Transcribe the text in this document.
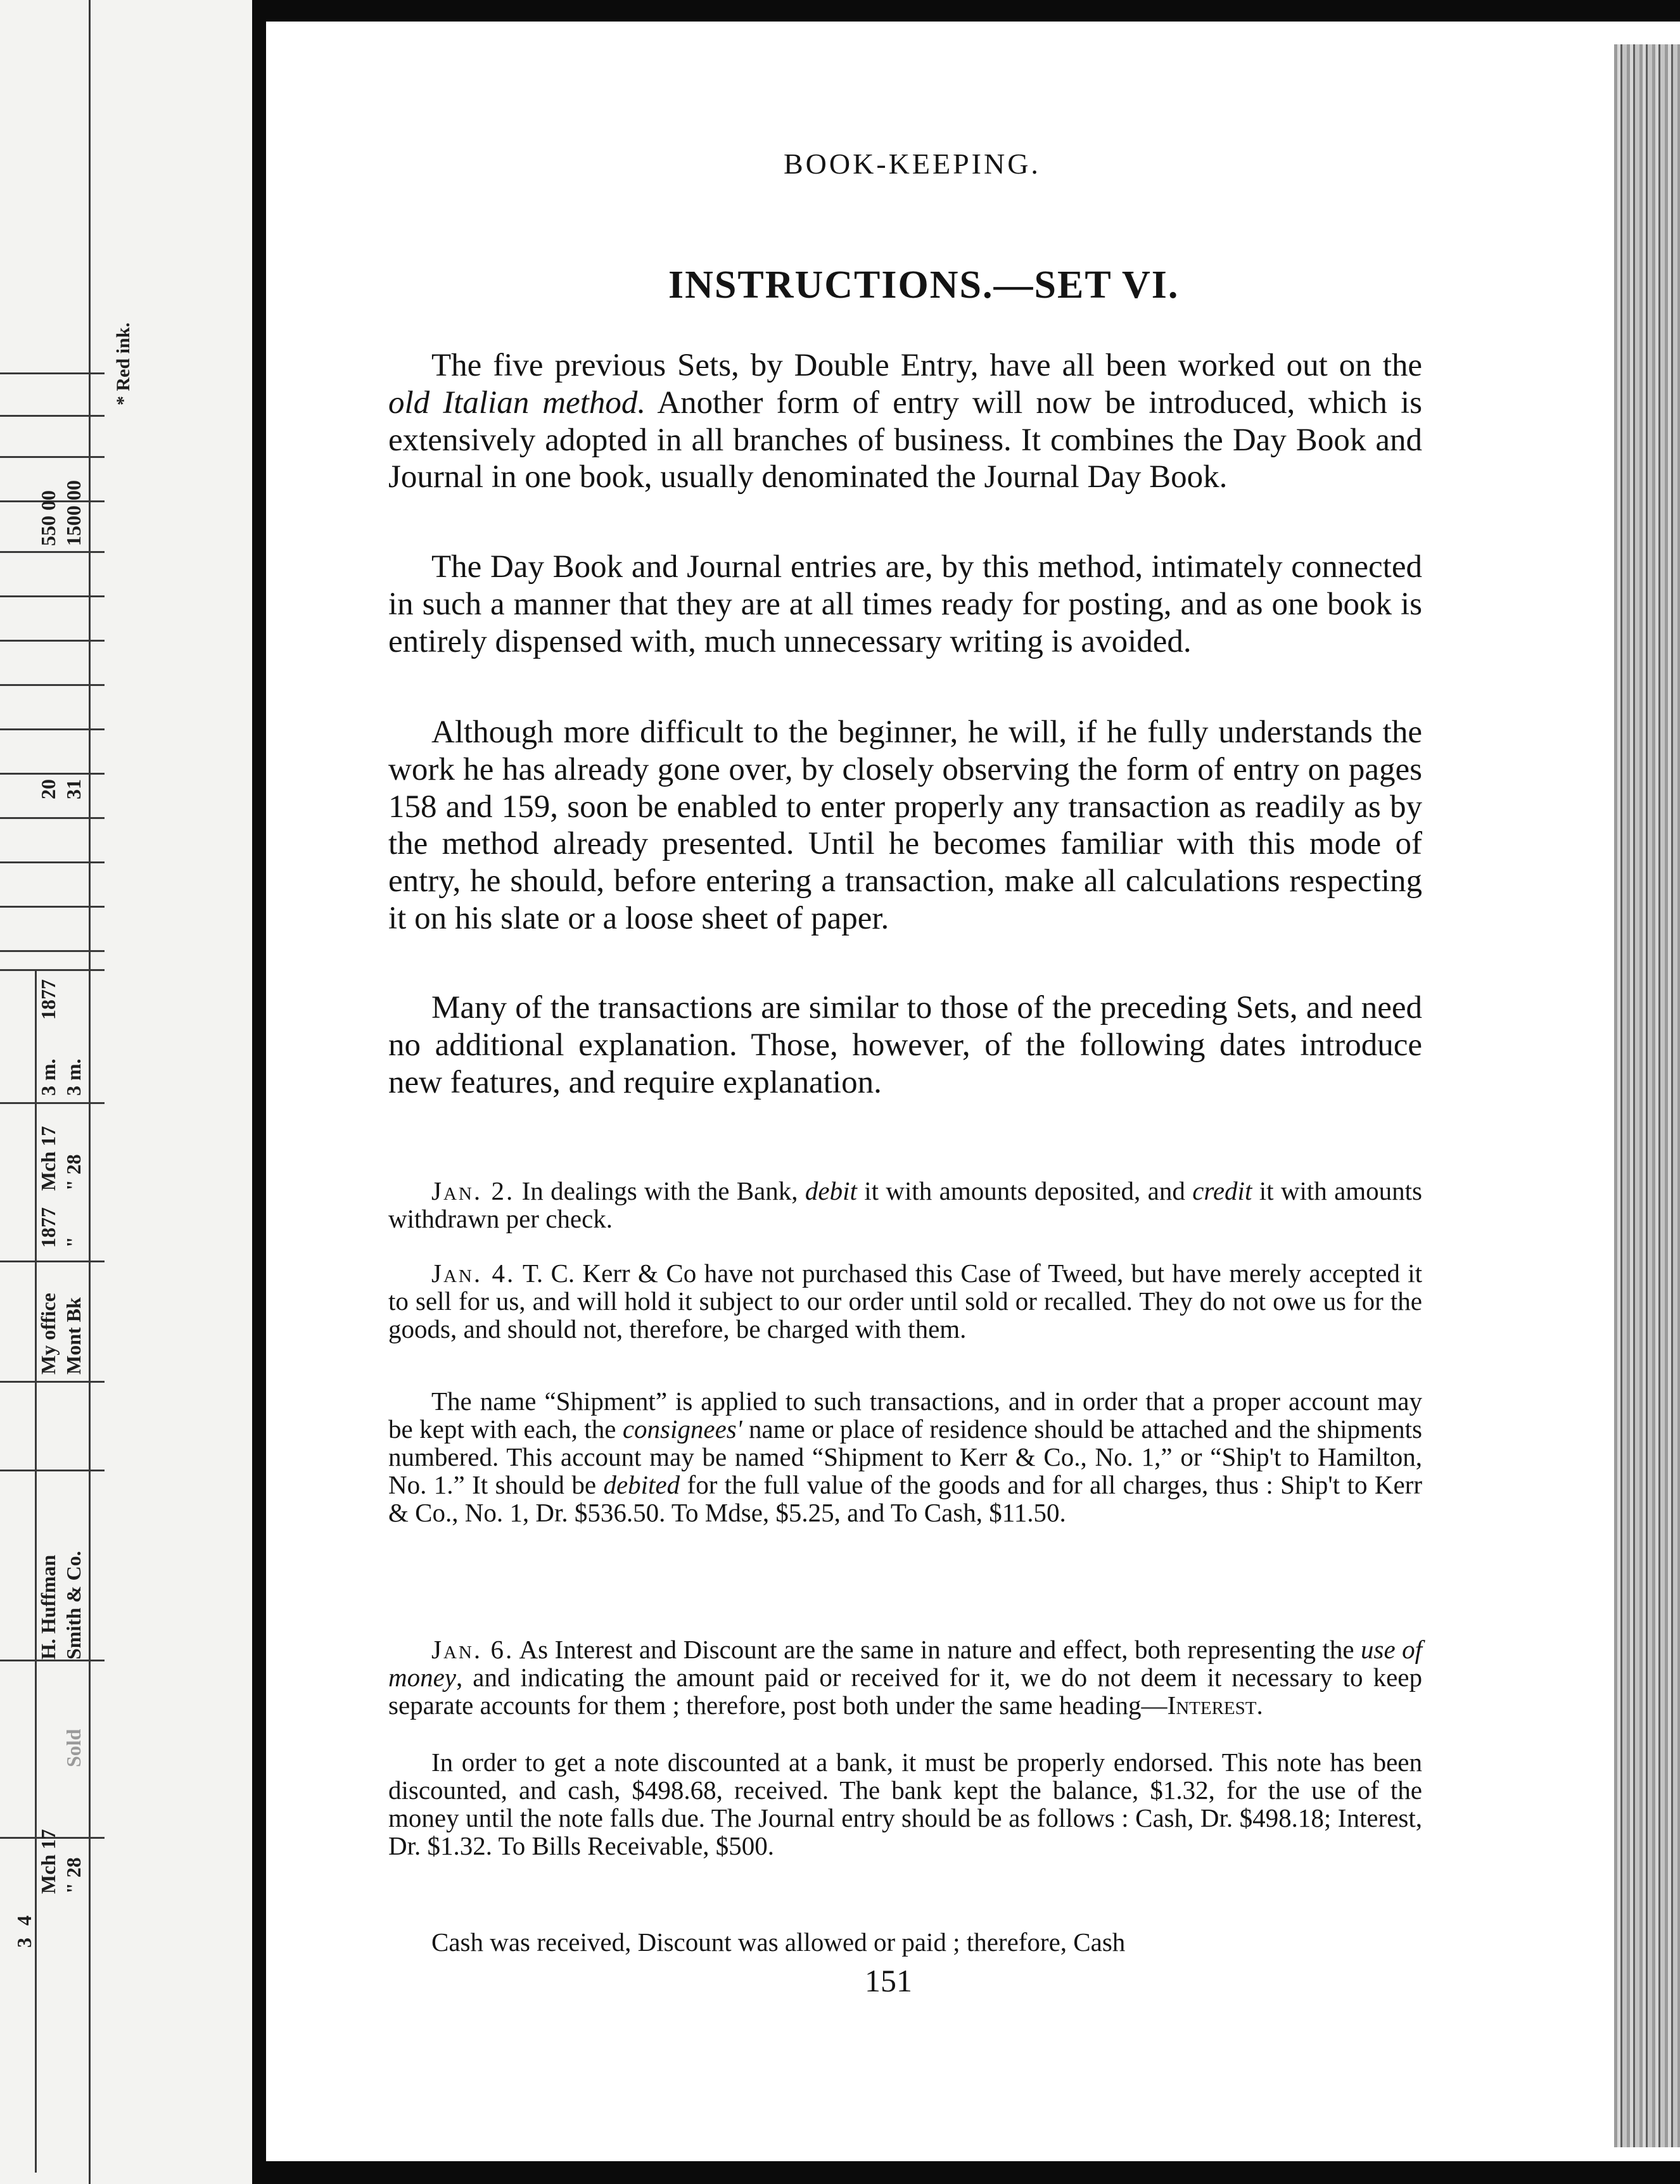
* Red ink.
550 00 1500 00
20 31
1877
3 m. 3 m.
Mch 17 " 28
1877 "
My office Mont Bk
H. Huffman Smith & Co.
Sold
Mch 17 " 28
3
4
BOOK-KEEPING.
INSTRUCTIONS.—SET VI.

The five previous Sets, by Double Entry, have all been worked out on the old Italian method. Another form of entry will now be introduced, which is extensively adopted in all branches of business. It combines the Day Book and Journal in one book, usually denominated the Journal Day Book.

The Day Book and Journal entries are, by this method, intimately connected in such a manner that they are at all times ready for posting, and as one book is entirely dispensed with, much unnecessary writing is avoided.

Although more difficult to the beginner, he will, if he fully understands the work he has already gone over, by closely observing the form of entry on pages 158 and 159, soon be enabled to enter properly any transaction as readily as by the method already presented. Until he becomes familiar with this mode of entry, he should, before entering a transaction, make all calculations respecting it on his slate or a loose sheet of paper.

Many of the transactions are similar to those of the preceding Sets, and need no additional explanation. Those, however, of the following dates introduce new features, and require explanation.

Jan. 2. In dealings with the Bank, debit it with amounts deposited, and credit it with amounts withdrawn per check.

Jan. 4. T. C. Kerr & Co have not purchased this Case of Tweed, but have merely accepted it to sell for us, and will hold it subject to our order until sold or recalled. They do not owe us for the goods, and should not, therefore, be charged with them.

The name “Shipment” is applied to such transactions, and in order that a proper account may be kept with each, the consignees' name or place of residence should be attached and the shipments numbered. This account may be named “Shipment to Kerr & Co., No. 1,” or “Ship't to Hamilton, No. 1.” It should be debited for the full value of the goods and for all charges, thus : Ship't to Kerr & Co., No. 1, Dr. $536.50. To Mdse, $5.25, and To Cash, $11.50.

Jan. 6. As Interest and Discount are the same in nature and effect, both representing the use of money, and indicating the amount paid or received for it, we do not deem it necessary to keep separate accounts for them ; therefore, post both under the same heading—Interest.

In order to get a note discounted at a bank, it must be properly endorsed. This note has been discounted, and cash, $498.68, received. The bank kept the balance, $1.32, for the use of the money until the note falls due. The Journal entry should be as follows : Cash, Dr. $498.18; Interest, Dr. $1.32. To Bills Receivable, $500.

Cash was received, Discount was allowed or paid ; therefore, Cash

151
